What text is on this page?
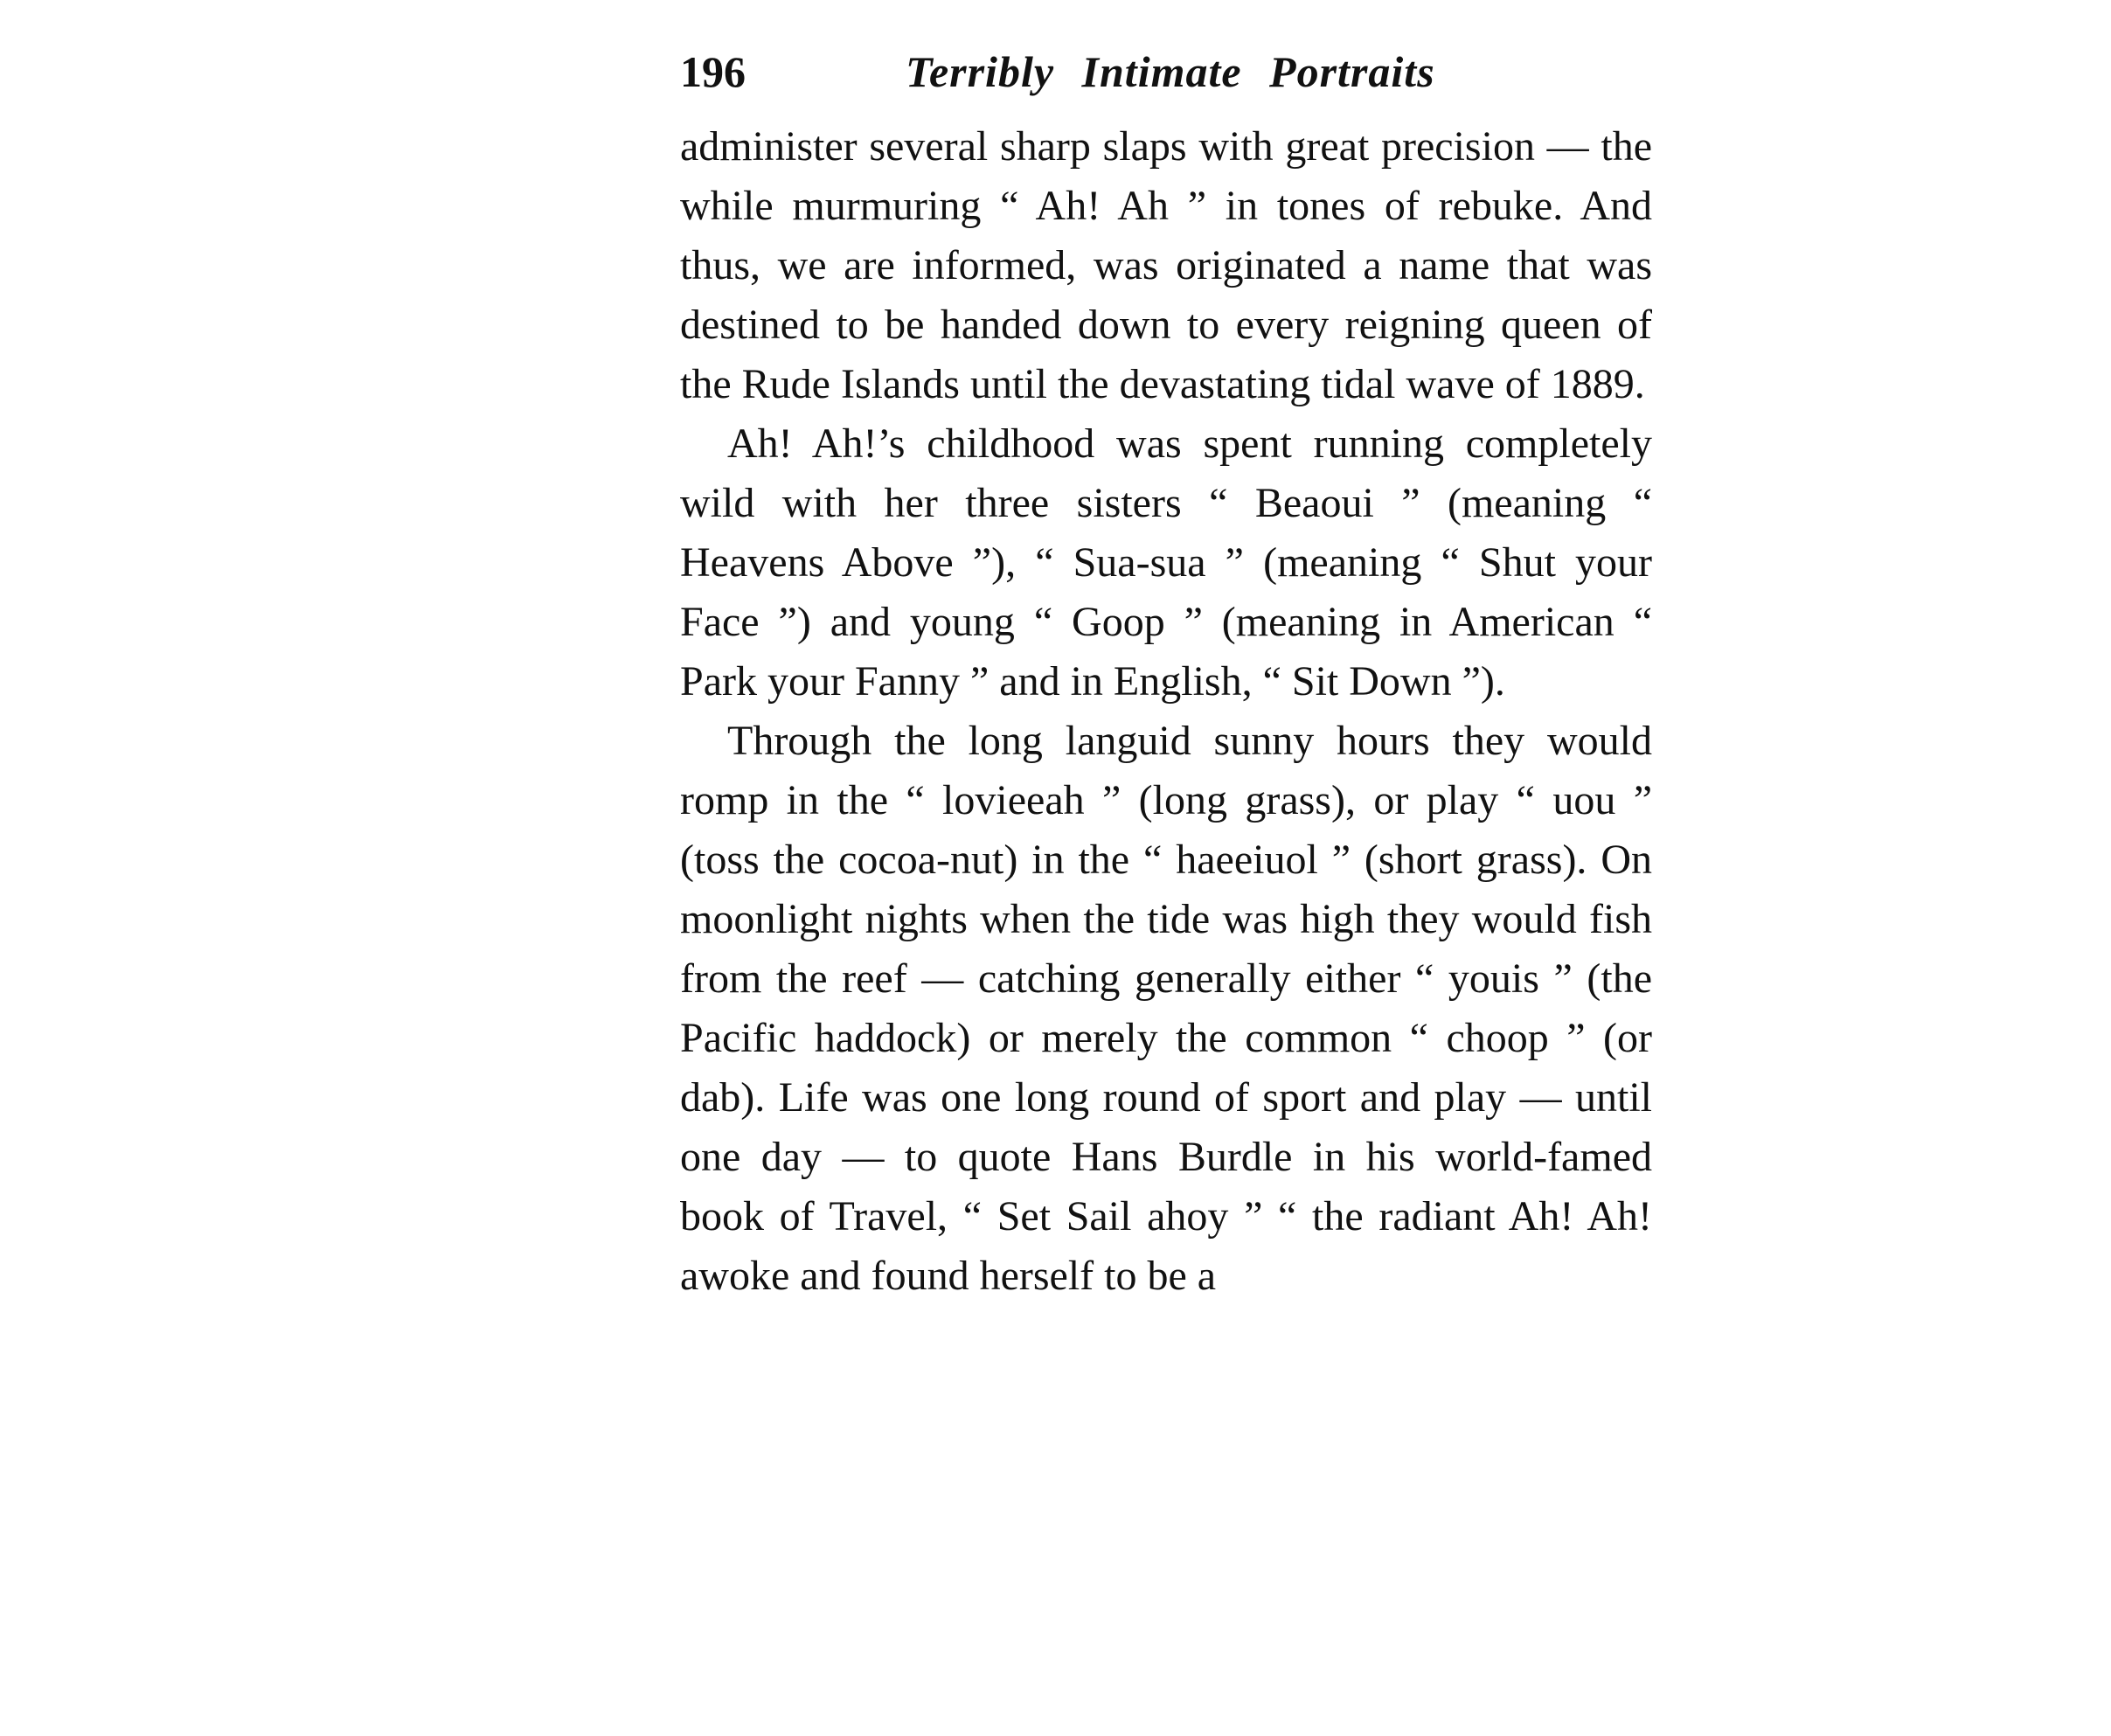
196	Terribly Intimate Portraits

administer several sharp slaps with great precision — the while murmuring “ Ah! Ah ” in tones of rebuke. And thus, we are informed, was originated a name that was destined to be handed down to every reigning queen of the Rude Islands until the devastating tidal wave of 1889.

Ah! Ah!’s childhood was spent running completely wild with her three sisters “ Beaoui ” (meaning “ Heavens Above ”), “ Sua-sua ” (meaning “ Shut your Face ”) and young “ Goop ” (meaning in American “ Park your Fanny ” and in English, “ Sit Down ”).

Through the long languid sunny hours they would romp in the “ lovieeah ” (long grass), or play “ uou ” (toss the cocoa-nut) in the “ haeeiuol ” (short grass). On moonlight nights when the tide was high they would fish from the reef — catching generally either “ youis ” (the Pacific haddock) or merely the common “ choop ” (or dab). Life was one long round of sport and play — until one day — to quote Hans Burdle in his world-famed book of Travel, “ Set Sail ahoy ” “ the radiant Ah! Ah! awoke and found herself to be a
